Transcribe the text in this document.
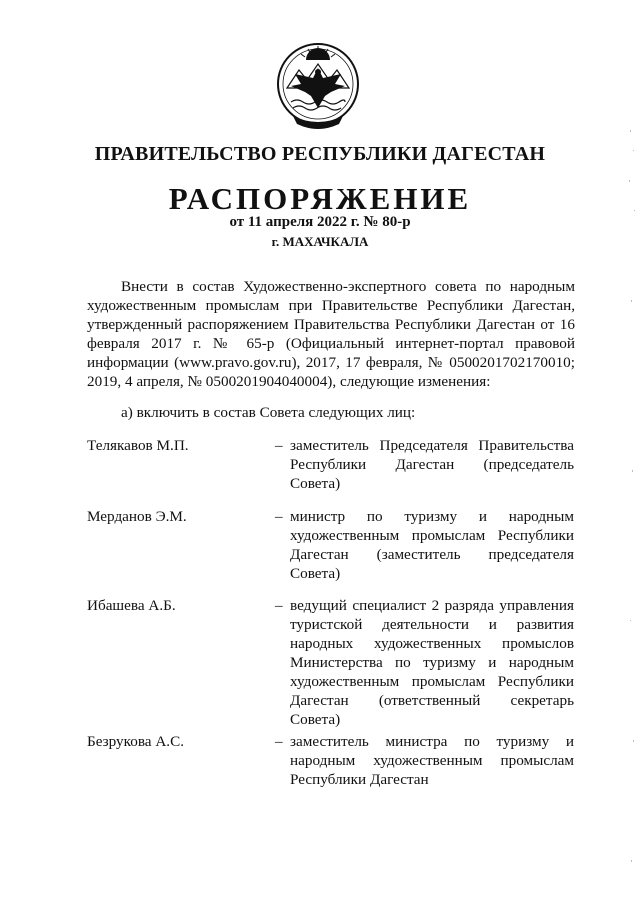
ПРАВИТЕЛЬСТВО РЕСПУБЛИКИ ДАГЕСТАН
РАСПОРЯЖЕНИЕ
от 11 апреля 2022 г. № 80-р
г. МАХАЧКАЛА

Внести в состав Художественно-экспертного совета по народным художественным промыслам при Правительстве Республики Дагестан, утвержденный распоряжением Правительства Республики Дагестан от 16 февраля 2017 г. № 65-р (Официальный интернет-портал правовой информации (www.pravo.gov.ru), 2017, 17 февраля, № 0500201702170010; 2019, 4 апреля, № 0500201904040004), следующие изменения:

а) включить в состав Совета следующих лиц:

Телякавов М.П.	– заместитель Председателя Правительства Республики Дагестан (председатель Совета)
Мерданов Э.М.	– министр по туризму и народным художественным промыслам Республики Дагестан (заместитель председателя Совета)
Ибашева А.Б.	– ведущий специалист 2 разряда управления туристской деятельности и развития народных художественных промыслов Министерства по туризму и народным художественным промыслам Республики Дагестан (ответственный секретарь Совета)
Безрукова А.С.	– заместитель министра по туризму и народным художественным промыслам Республики Дагестан
